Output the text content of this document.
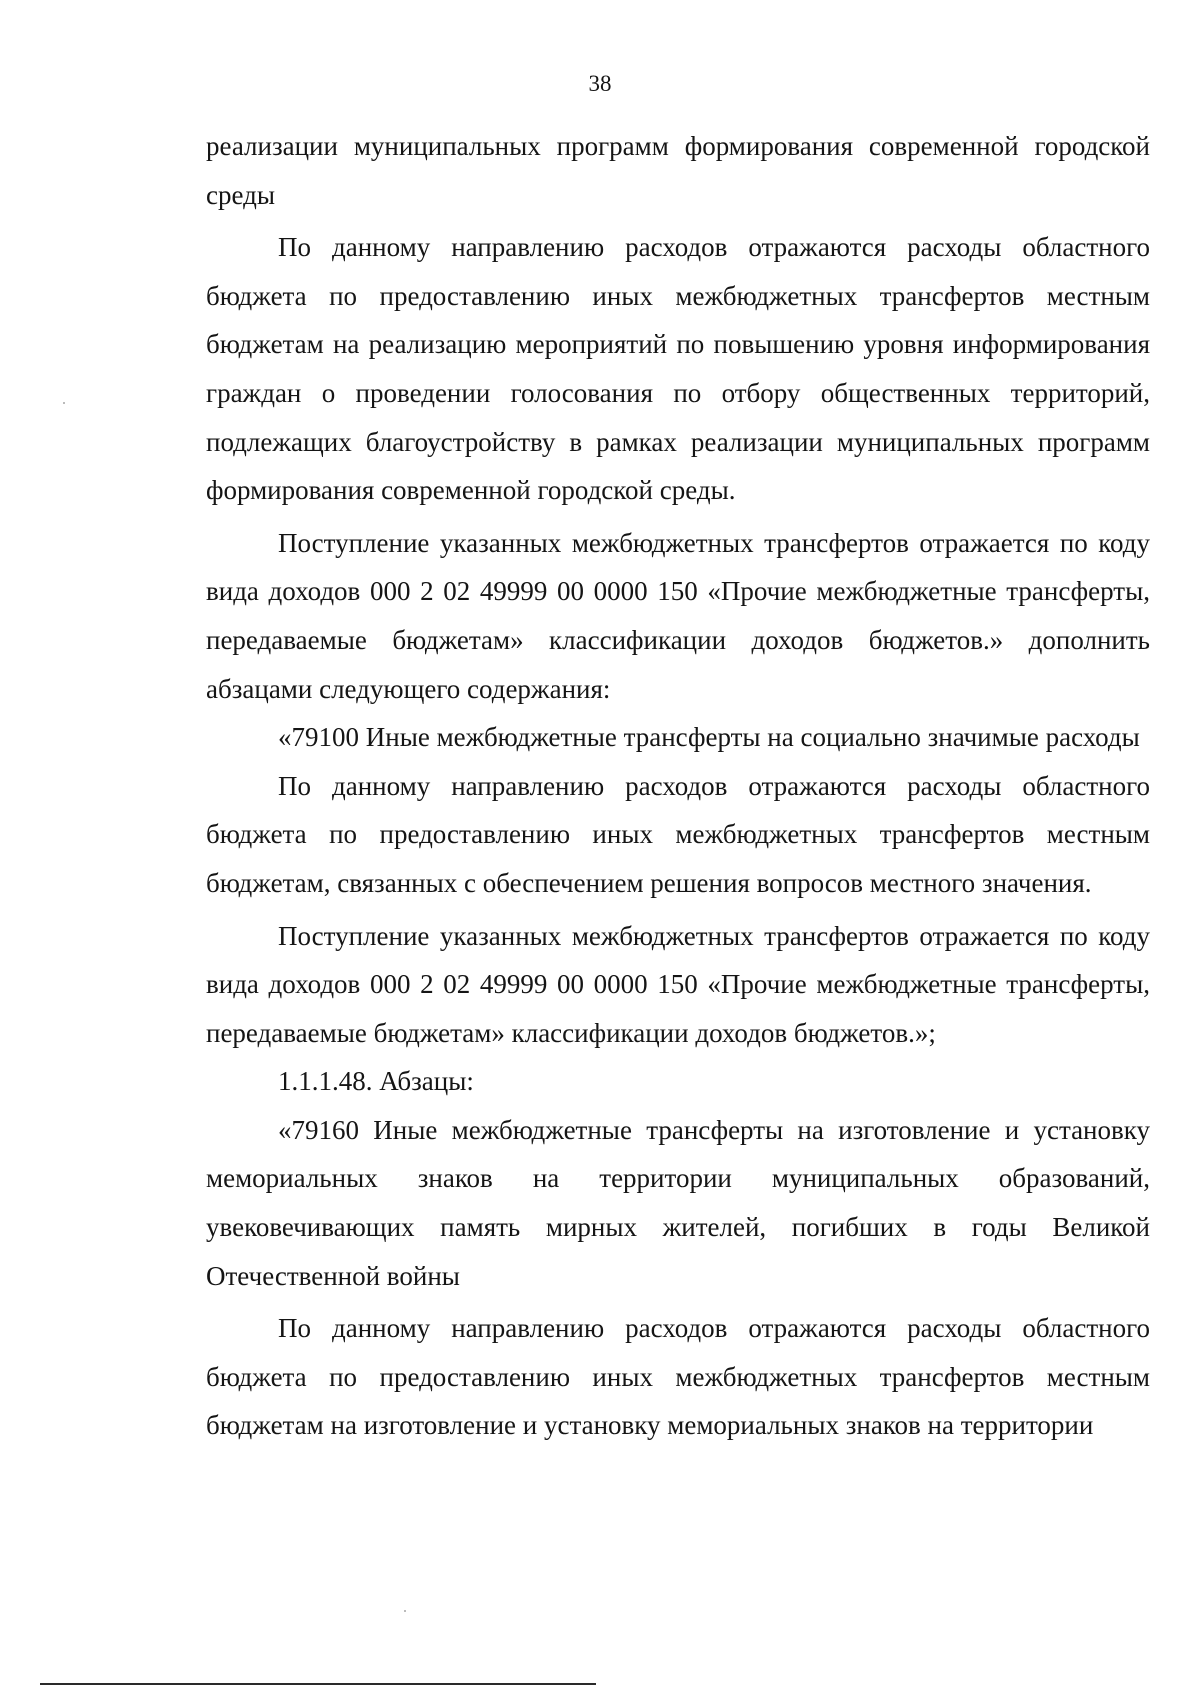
38

реализации муниципальных программ формирования современной городской среды

По данному направлению расходов отражаются расходы областного бюджета по предоставлению иных межбюджетных трансфертов местным бюджетам на реализацию мероприятий по повышению уровня информирования граждан о проведении голосования по отбору общественных территорий, подлежащих благоустройству в рамках реализации муниципальных программ формирования современной городской среды.

Поступление указанных межбюджетных трансфертов отражается по коду вида доходов 000 2 02 49999 00 0000 150 «Прочие межбюджетные трансферты, передаваемые бюджетам» классификации доходов бюджетов.» дополнить абзацами следующего содержания:

«79100 Иные межбюджетные трансферты на социально значимые расходы

По данному направлению расходов отражаются расходы областного бюджета по предоставлению иных межбюджетных трансфертов местным бюджетам, связанных с обеспечением решения вопросов местного значения.

Поступление указанных межбюджетных трансфертов отражается по коду вида доходов 000 2 02 49999 00 0000 150 «Прочие межбюджетные трансферты, передаваемые бюджетам» классификации доходов бюджетов.»;

1.1.1.48. Абзацы:

«79160 Иные межбюджетные трансферты на изготовление и установку мемориальных знаков на территории муниципальных образований, увековечивающих память мирных жителей, погибших в годы Великой Отечественной войны

По данному направлению расходов отражаются расходы областного бюджета по предоставлению иных межбюджетных трансфертов местным бюджетам на изготовление и установку мемориальных знаков на территории
